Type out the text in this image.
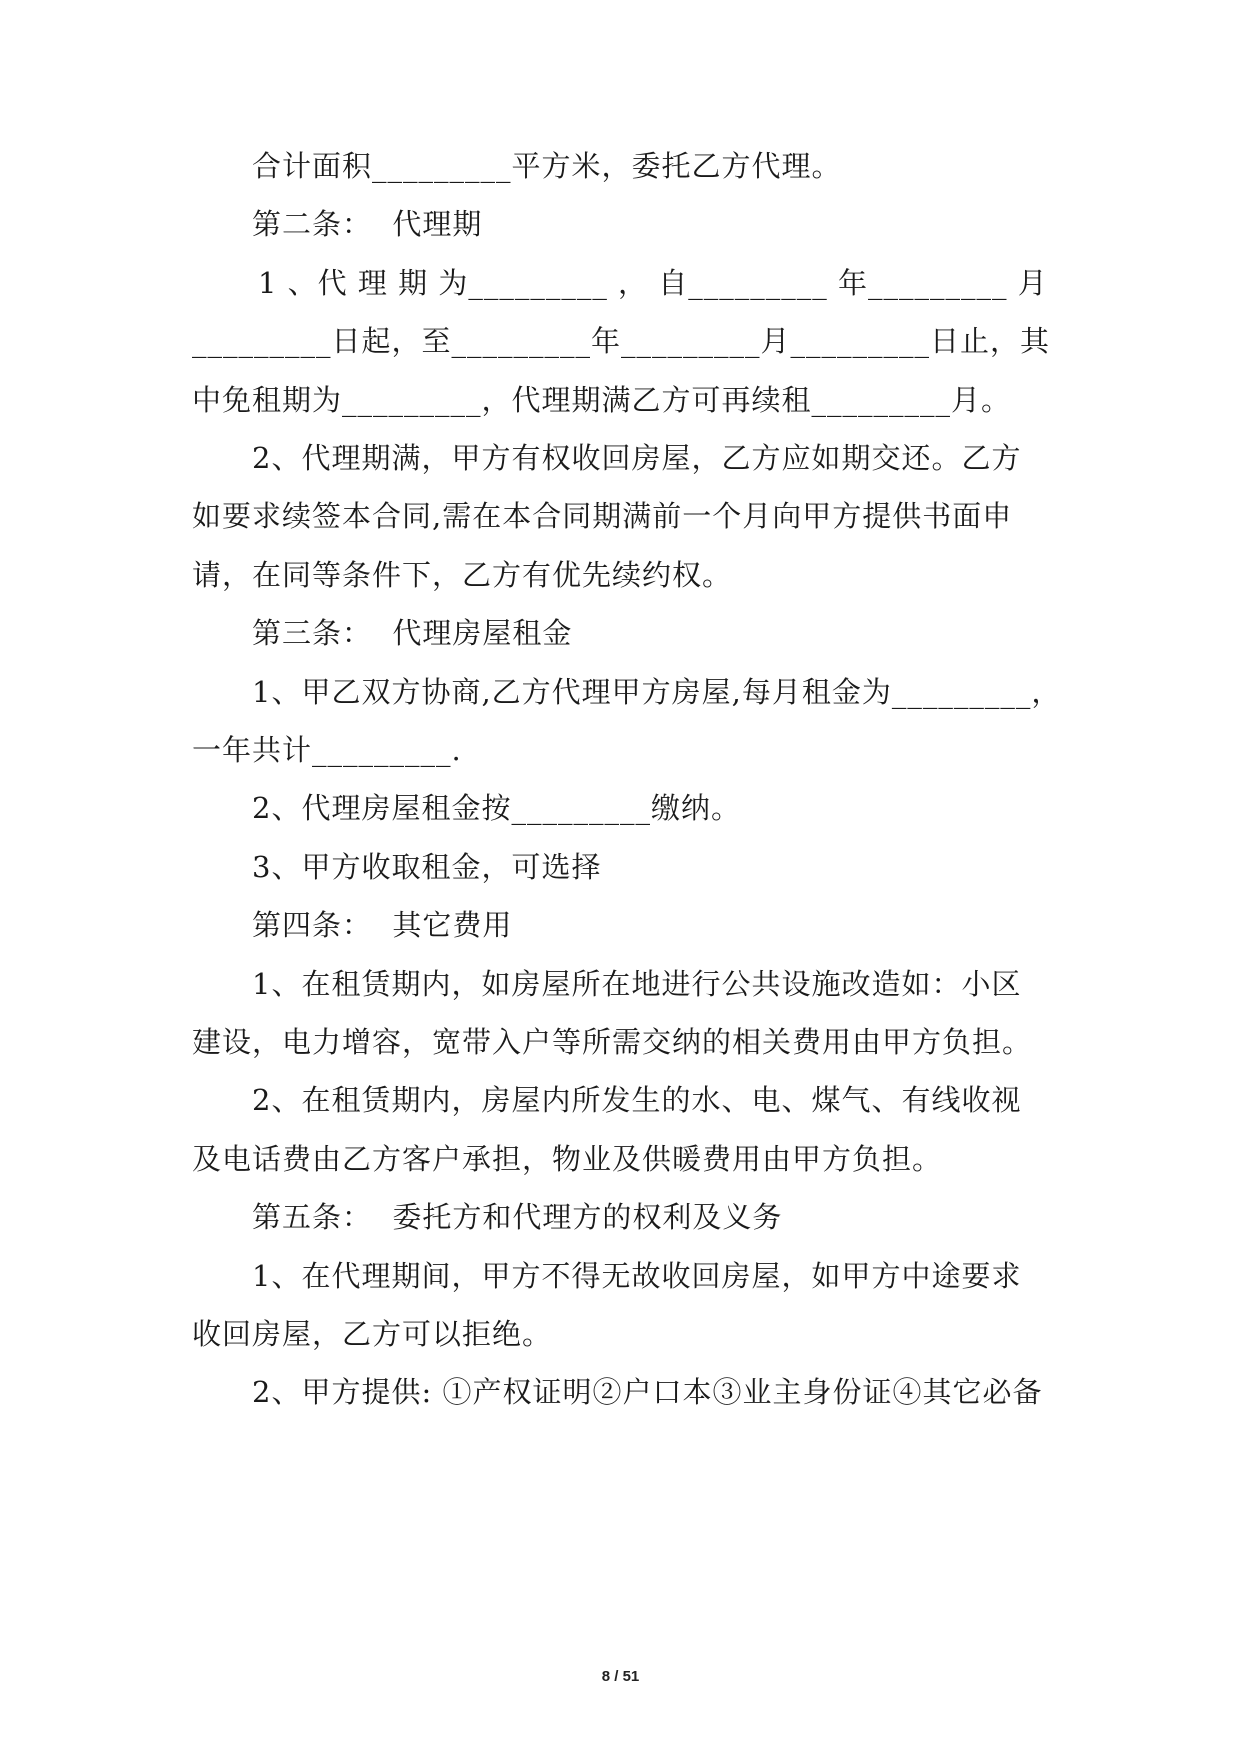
合计面积_________平方米，委托乙方代理。
第二条：  代理期
1 、代 理 期 为_________ ， 自_________ 年_________ 月
_________日起，至_________年_________月_________日止，其
中免租期为_________，代理期满乙方可再续租_________月。
2、代理期满，甲方有权收回房屋，乙方应如期交还。乙方
如要求续签本合同,需在本合同期满前一个月向甲方提供书面申
请，在同等条件下，乙方有优先续约权。
第三条：  代理房屋租金
1、甲乙双方协商,乙方代理甲方房屋,每月租金为_________，
一年共计_________.
2、代理房屋租金按_________缴纳。
3、甲方收取租金，可选择
第四条：  其它费用
1、在租赁期内，如房屋所在地进行公共设施改造如：小区
建设，电力增容，宽带入户等所需交纳的相关费用由甲方负担。
2、在租赁期内，房屋内所发生的水、电、煤气、有线收视
及电话费由乙方客户承担，物业及供暖费用由甲方负担。
第五条：  委托方和代理方的权利及义务
1、在代理期间，甲方不得无故收回房屋，如甲方中途要求
收回房屋，乙方可以拒绝。
2、甲方提供: ①产权证明②户口本③业主身份证④其它必备
8 / 51
